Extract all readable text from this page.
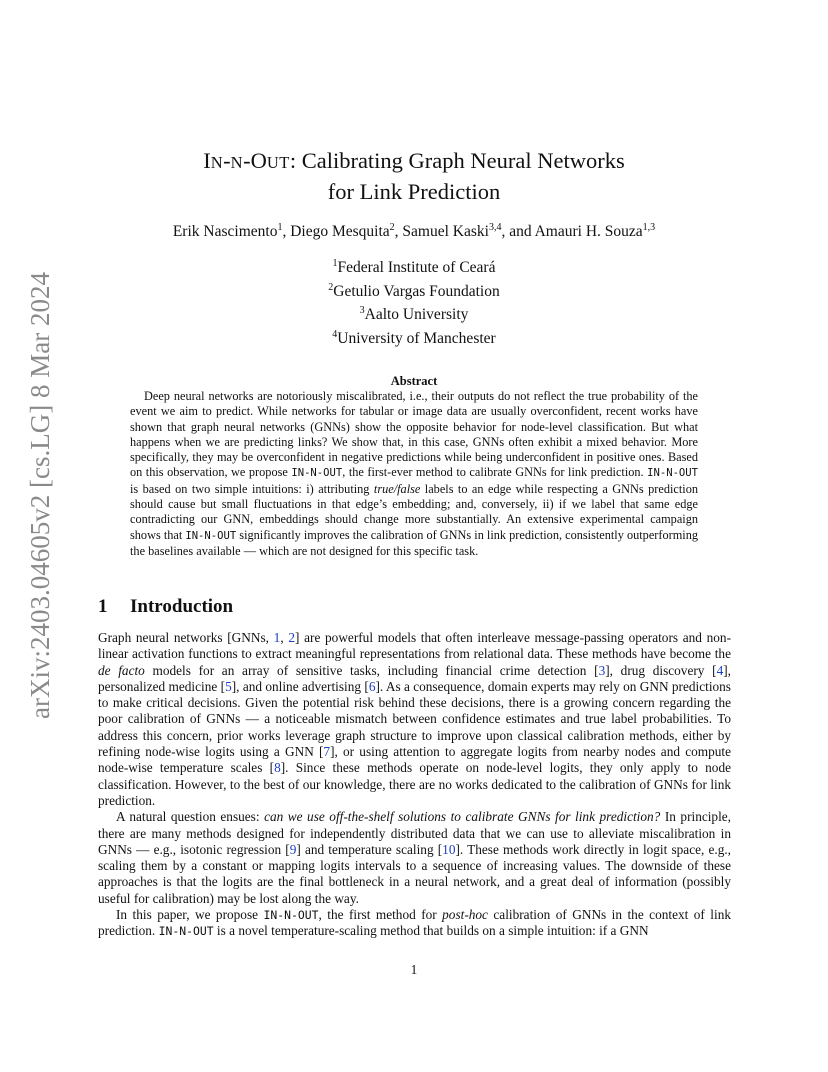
arXiv:2403.04605v2 [cs.LG] 8 Mar 2024
IN-N-OUT: Calibrating Graph Neural Networks
for Link Prediction
Erik Nascimento$^1$, Diego Mesquita$^2$, Samuel Kaski$^{3,4}$, and Amauri H. Souza$^{1,3}$
$^1$Federal Institute of Ceará
$^2$Getulio Vargas Foundation
$^3$Aalto University
$^4$University of Manchester
Abstract
Deep neural networks are notoriously miscalibrated, i.e., their outputs do not reflect the true probability of the event we aim to predict. While networks for tabular or image data are usually overconfident, recent works have shown that graph neural networks (GNNs) show the opposite behavior for node-level classification. But what happens when we are predicting links? We show that, in this case, GNNs often exhibit a mixed behavior. More specifically, they may be overconfident in negative predictions while being underconfident in positive ones. Based on this observation, we propose IN-N-OUT, the first-ever method to calibrate GNNs for link prediction. IN-N-OUT is based on two simple intuitions: i) attributing true/false labels to an edge while respecting a GNNs prediction should cause but small fluctuations in that edge’s embedding; and, conversely, ii) if we label that same edge contradicting our GNN, embeddings should change more substantially. An extensive experimental campaign shows that IN-N-OUT significantly improves the calibration of GNNs in link prediction, consistently outperforming the baselines available — which are not designed for this specific task.
1 Introduction

Graph neural networks [GNNs, 1, 2] are powerful models that often interleave message-passing operators and non-linear activation functions to extract meaningful representations from relational data. These methods have become the de facto models for an array of sensitive tasks, including financial crime detection [3], drug discovery [4], personalized medicine [5], and online advertising [6]. As a consequence, domain experts may rely on GNN predictions to make critical decisions. Given the potential risk behind these decisions, there is a growing concern regarding the poor calibration of GNNs — a noticeable mismatch between confidence estimates and true label probabilities. To address this concern, prior works leverage graph structure to improve upon classical calibration methods, either by refining node-wise logits using a GNN [7], or using attention to aggregate logits from nearby nodes and compute node-wise temperature scales [8]. Since these methods operate on node-level logits, they only apply to node classification. However, to the best of our knowledge, there are no works dedicated to the calibration of GNNs for link prediction.

A natural question ensues: can we use off-the-shelf solutions to calibrate GNNs for link prediction? In principle, there are many methods designed for independently distributed data that we can use to alleviate miscalibration in GNNs — e.g., isotonic regression [9] and temperature scaling [10]. These methods work directly in logit space, e.g., scaling them by a constant or mapping logits intervals to a sequence of increasing values. The downside of these approaches is that the logits are the final bottleneck in a neural network, and a great deal of information (possibly useful for calibration) may be lost along the way.

In this paper, we propose IN-N-OUT, the first method for post-hoc calibration of GNNs in the context of link prediction. IN-N-OUT is a novel temperature-scaling method that builds on a simple intuition: if a GNN

1
